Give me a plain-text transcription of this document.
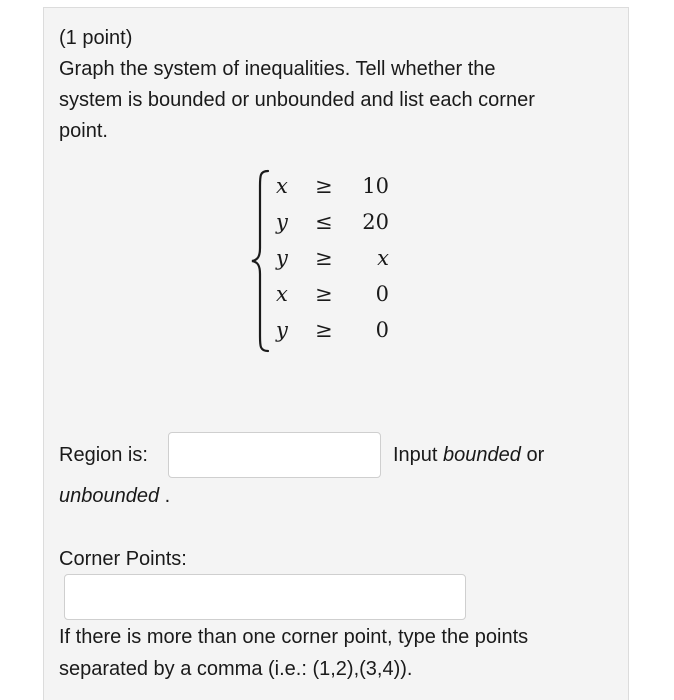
(1 point)
Graph the system of inequalities. Tell whether the
system is bounded or unbounded and list each corner
point.
x ≥	10
y ≤	20
y ≥	x
x ≥	0
y ≥	0
Region is:	Input bounded or
unbounded .
Corner Points:
If there is more than one corner point, type the points
separated by a comma (i.e.: (1,2),(3,4)).
